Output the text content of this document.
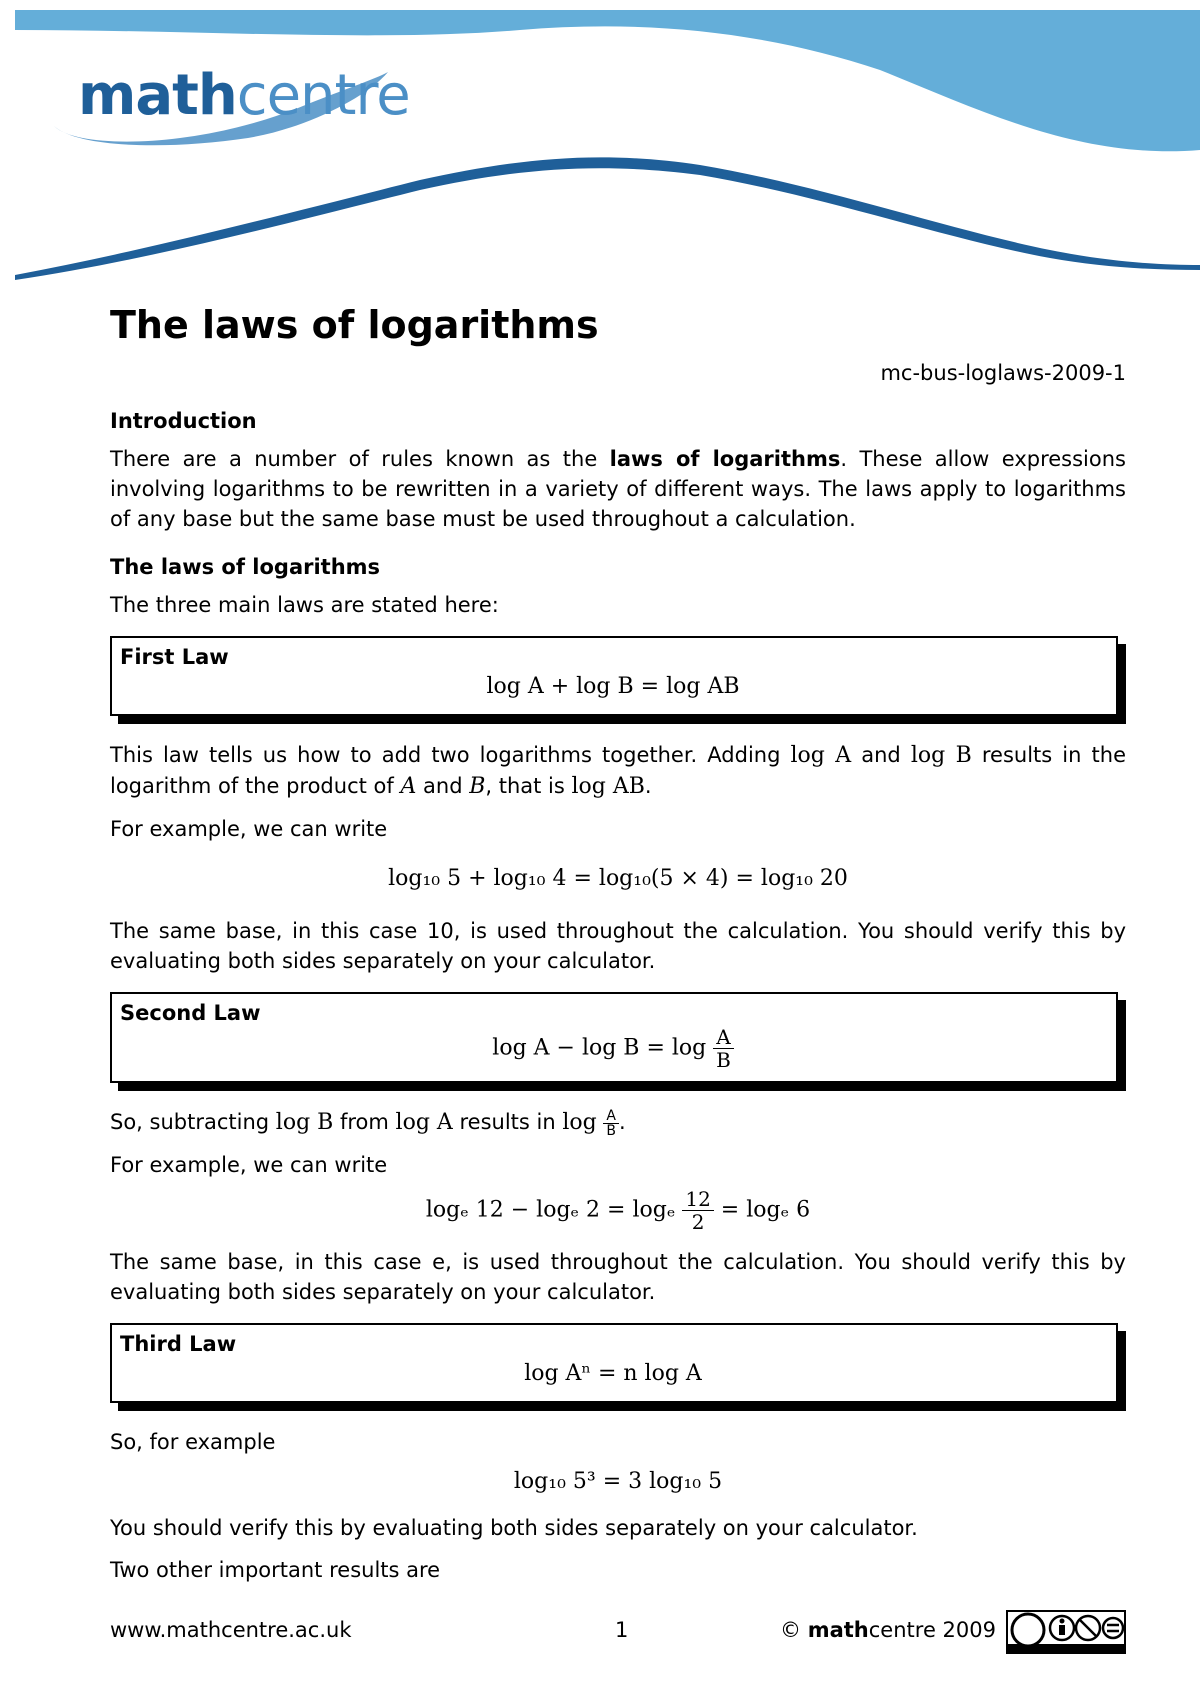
mathcentre
The laws of logarithms
mc-bus-loglaws-2009-1
Introduction

There are a number of rules known as the laws of logarithms. These allow expressions involving logarithms to be rewritten in a variety of different ways. The laws apply to logarithms of any base but the same base must be used throughout a calculation.

The laws of logarithms

The three main laws are stated here:

First Law
log A + log B = log AB

This law tells us how to add two logarithms together. Adding log A and log B results in the logarithm of the product of A and B, that is log AB.

For example, we can write

log₁₀ 5 + log₁₀ 4 = log₁₀(5 × 4) = log₁₀ 20

The same base, in this case 10, is used throughout the calculation. You should verify this by evaluating both sides separately on your calculator.

Second Law
$\log A - \log B = \log \frac{A}{B}$

So, subtracting log B from log A results in $\log \frac{A}{B}$ .

For example, we can write

logₑ 12 − logₑ 2 = logₑ $\frac{12}{2} = \log_e$ 6

The same base, in this case e, is used throughout the calculation. You should verify this by evaluating both sides separately on your calculator.

Third Law
log Aⁿ = n log A

So, for example

log₁₀ 5³ = 3 log₁₀ 5

You should verify this by evaluating both sides separately on your calculator.

Two other important results are

www.mathcentre.ac.uk	1	© mathcentre 2009
